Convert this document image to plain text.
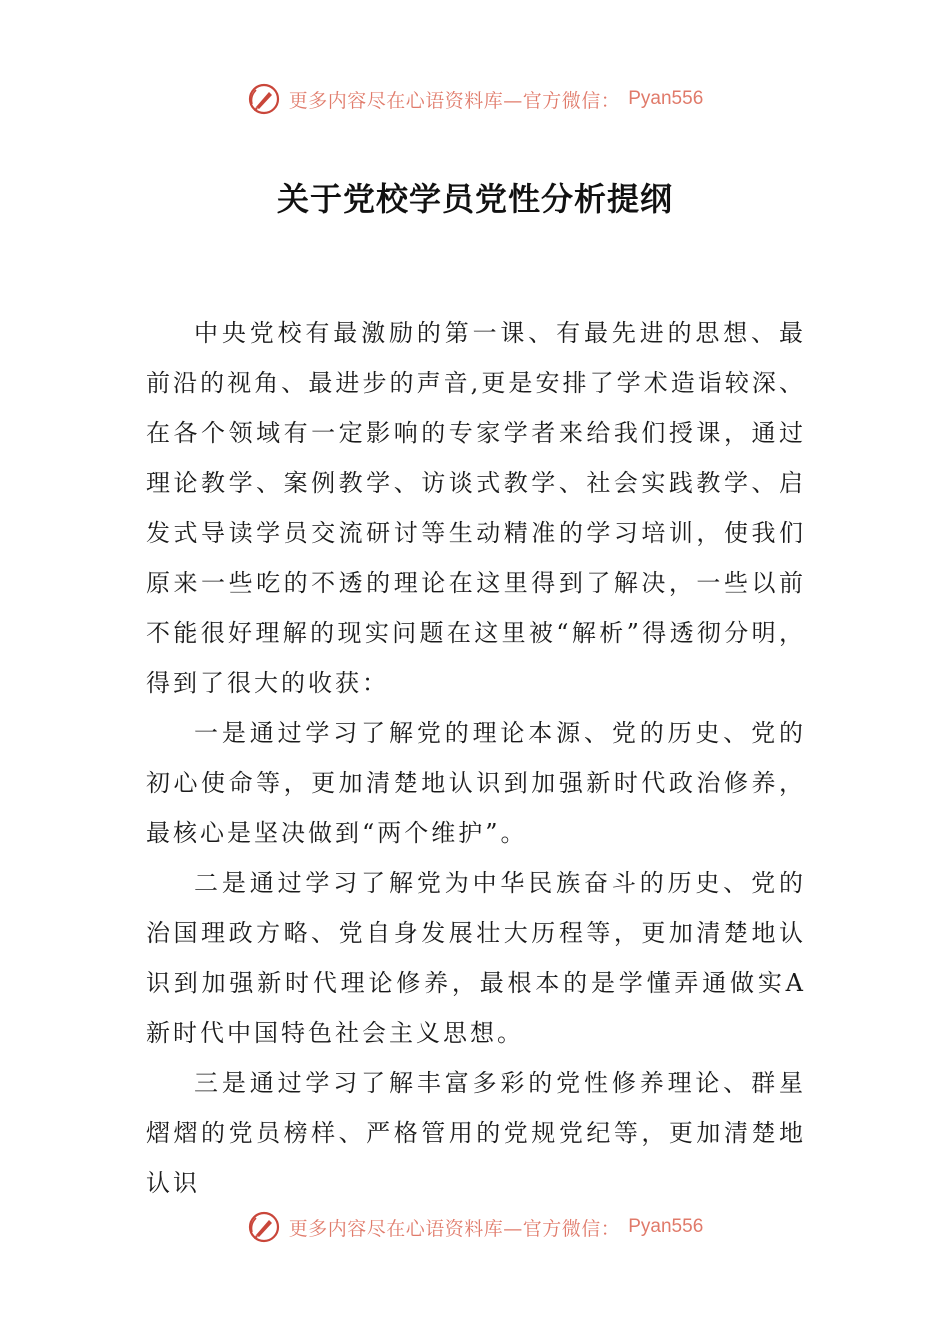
更多内容尽在心语资料库—官方微信： Pyan556
关于党校学员党性分析提纲

中央党校有最激励的第一课、有最先进的思想、最前沿的视角、最进步的声音,更是安排了学术造诣较深、在各个领域有一定影响的专家学者来给我们授课，通过理论教学、案例教学、访谈式教学、社会实践教学、启发式导读学员交流研讨等生动精准的学习培训，使我们原来一些吃的不透的理论在这里得到了解决，一些以前不能很好理解的现实问题在这里被“解析”得透彻分明，得到了很大的收获：

一是通过学习了解党的理论本源、党的历史、党的初心使命等，更加清楚地认识到加强新时代政治修养，最核心是坚决做到“两个维护”。

二是通过学习了解党为中华民族奋斗的历史、党的治国理政方略、党自身发展壮大历程等，更加清楚地认识到加强新时代理论修养，最根本的是学懂弄通做实A新时代中国特色社会主义思想。

三是通过学习了解丰富多彩的党性修养理论、群星熠熠的党员榜样、严格管用的党规党纪等，更加清楚地认识

更多内容尽在心语资料库—官方微信： Pyan556
